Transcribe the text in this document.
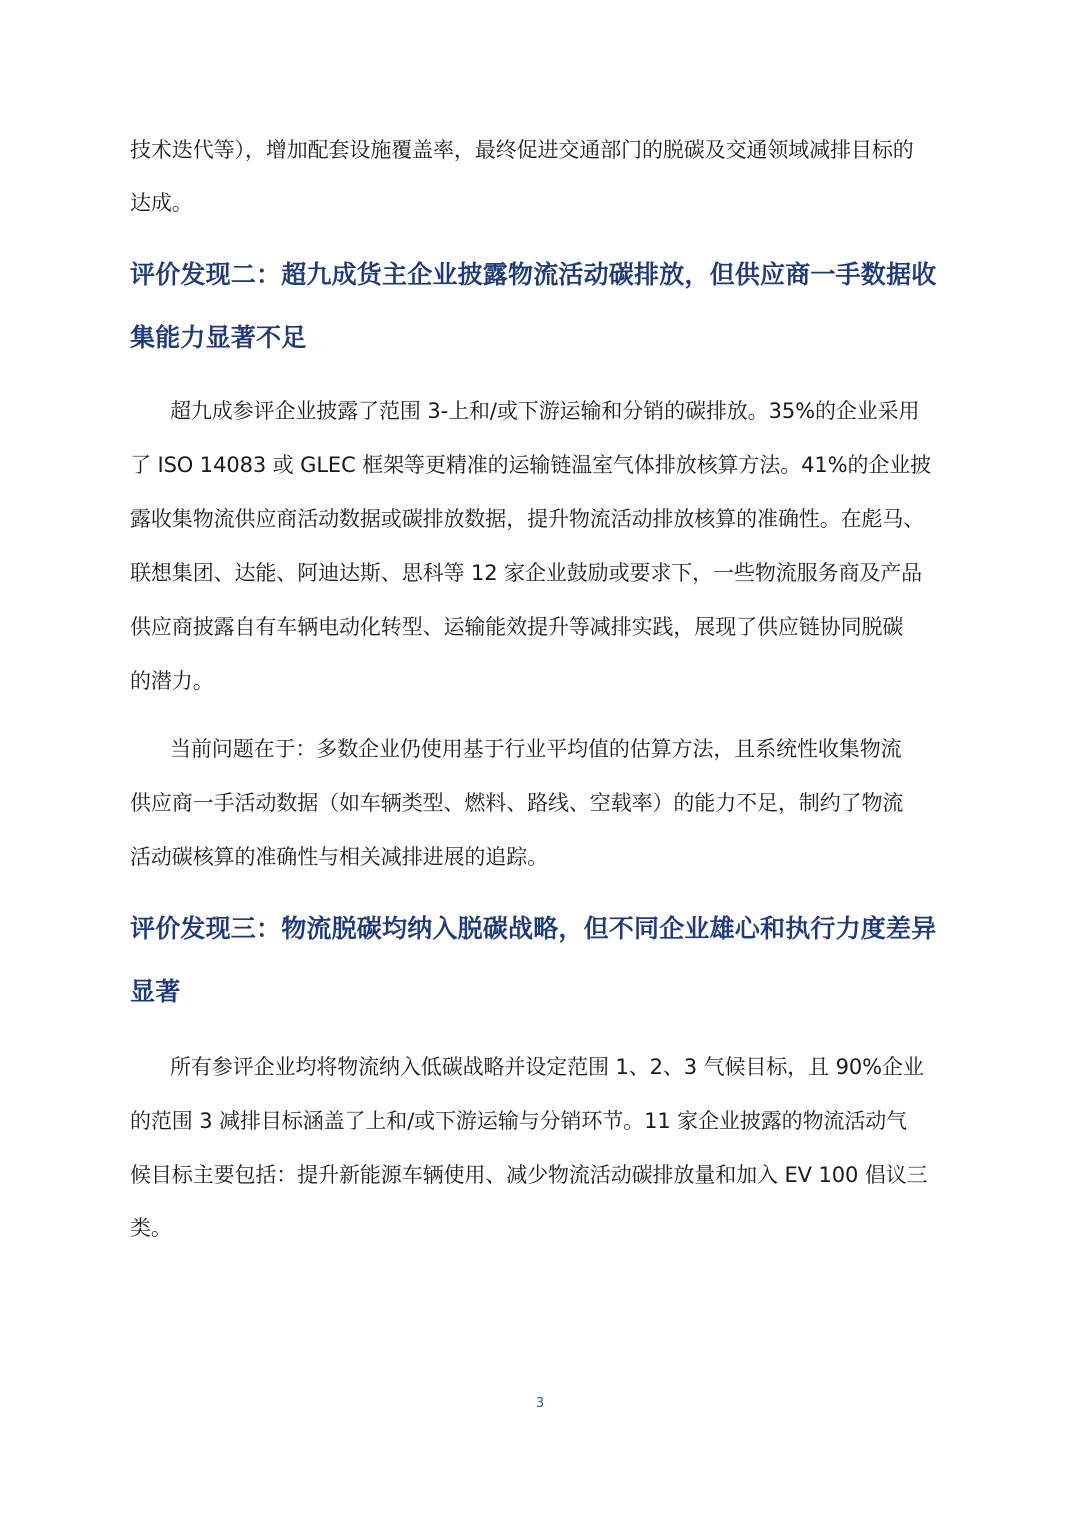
技术迭代等），增加配套设施覆盖率，最终促进交通部门的脱碳及交通领域减排目标的
达成。
评价发现二：超九成货主企业披露物流活动碳排放，但供应商一手数据收
集能力显著不足
超九成参评企业披露了范围 3-上和/或下游运输和分销的碳排放。35%的企业采用
了 ISO 14083 或 GLEC 框架等更精准的运输链温室气体排放核算方法。41%的企业披
露收集物流供应商活动数据或碳排放数据，提升物流活动排放核算的准确性。在彪马、
联想集团、达能、阿迪达斯、思科等 12 家企业鼓励或要求下，一些物流服务商及产品
供应商披露自有车辆电动化转型、运输能效提升等减排实践，展现了供应链协同脱碳
的潜力。
当前问题在于：多数企业仍使用基于行业平均值的估算方法，且系统性收集物流
供应商一手活动数据（如车辆类型、燃料、路线、空载率）的能力不足，制约了物流
活动碳核算的准确性与相关减排进展的追踪。
评价发现三：物流脱碳均纳入脱碳战略，但不同企业雄心和执行力度差异
显著
所有参评企业均将物流纳入低碳战略并设定范围 1、2、3 气候目标，且 90%企业
的范围 3 减排目标涵盖了上和/或下游运输与分销环节。11 家企业披露的物流活动气
候目标主要包括：提升新能源车辆使用、减少物流活动碳排放量和加入 EV 100 倡议三
类。
3
